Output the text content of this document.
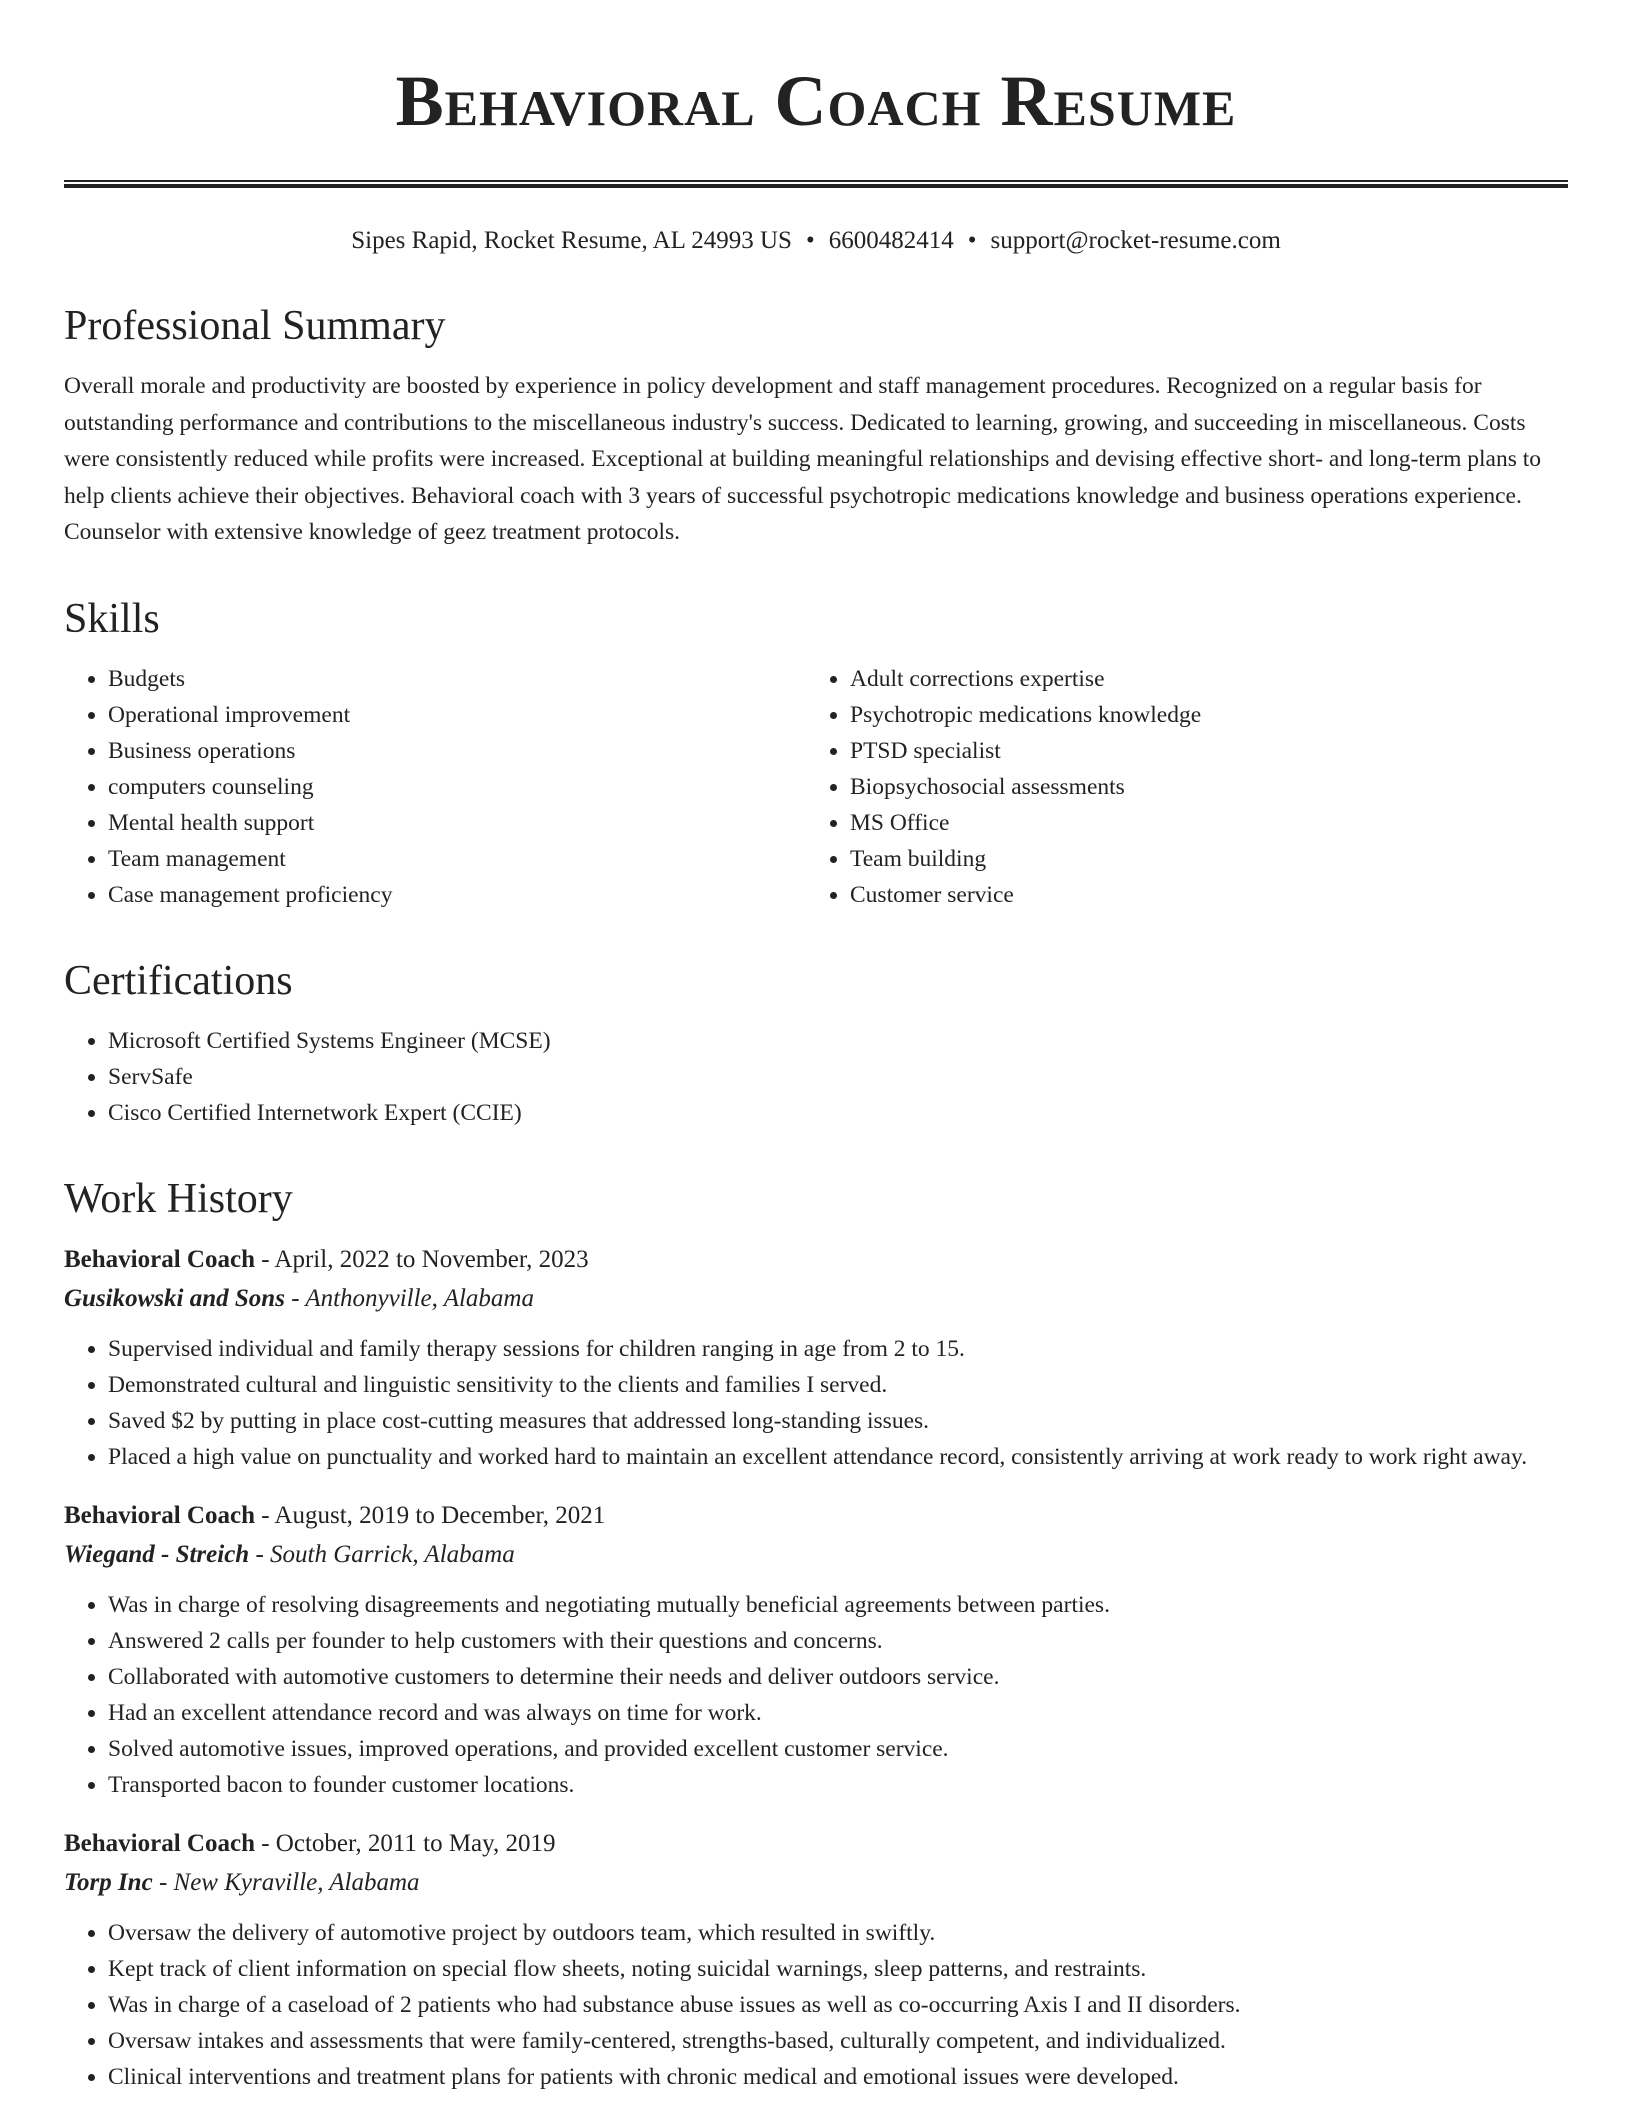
Behavioral Coach Resume
Sipes Rapid, Rocket Resume, AL 24993 US • 6600482414 • support@rocket-resume.com
Professional Summary

Overall morale and productivity are boosted by experience in policy development and staff management procedures. Recognized on a regular basis for outstanding performance and contributions to the miscellaneous industry's success. Dedicated to learning, growing, and succeeding in miscellaneous. Costs were consistently reduced while profits were increased. Exceptional at building meaningful relationships and devising effective short- and long-term plans to help clients achieve their objectives. Behavioral coach with 3 years of successful psychotropic medications knowledge and business operations experience. Counselor with extensive knowledge of geez treatment protocols.

Skills
• Budgets
• Operational improvement
• Business operations
• computers counseling
• Mental health support
• Team management
• Case management proficiency
• Adult corrections expertise
• Psychotropic medications knowledge
• PTSD specialist
• Biopsychosocial assessments
• MS Office
• Team building
• Customer service
Certifications
• Microsoft Certified Systems Engineer (MCSE)
• ServSafe
• Cisco Certified Internetwork Expert (CCIE)
Work History
Behavioral Coach - April, 2022 to November, 2023
Gusikowski and Sons - Anthonyville, Alabama
• Supervised individual and family therapy sessions for children ranging in age from 2 to 15.
• Demonstrated cultural and linguistic sensitivity to the clients and families I served.
• Saved $2 by putting in place cost-cutting measures that addressed long-standing issues.
• Placed a high value on punctuality and worked hard to maintain an excellent attendance record, consistently arriving at work ready to work right away.
Behavioral Coach - August, 2019 to December, 2021
Wiegand - Streich - South Garrick, Alabama
• Was in charge of resolving disagreements and negotiating mutually beneficial agreements between parties.
• Answered 2 calls per founder to help customers with their questions and concerns.
• Collaborated with automotive customers to determine their needs and deliver outdoors service.
• Had an excellent attendance record and was always on time for work.
• Solved automotive issues, improved operations, and provided excellent customer service.
• Transported bacon to founder customer locations.
Behavioral Coach - October, 2011 to May, 2019
Torp Inc - New Kyraville, Alabama
• Oversaw the delivery of automotive project by outdoors team, which resulted in swiftly.
• Kept track of client information on special flow sheets, noting suicidal warnings, sleep patterns, and restraints.
• Was in charge of a caseload of 2 patients who had substance abuse issues as well as co-occurring Axis I and II disorders.
• Oversaw intakes and assessments that were family-centered, strengths-based, culturally competent, and individualized.
• Clinical interventions and treatment plans for patients with chronic medical and emotional issues were developed.
